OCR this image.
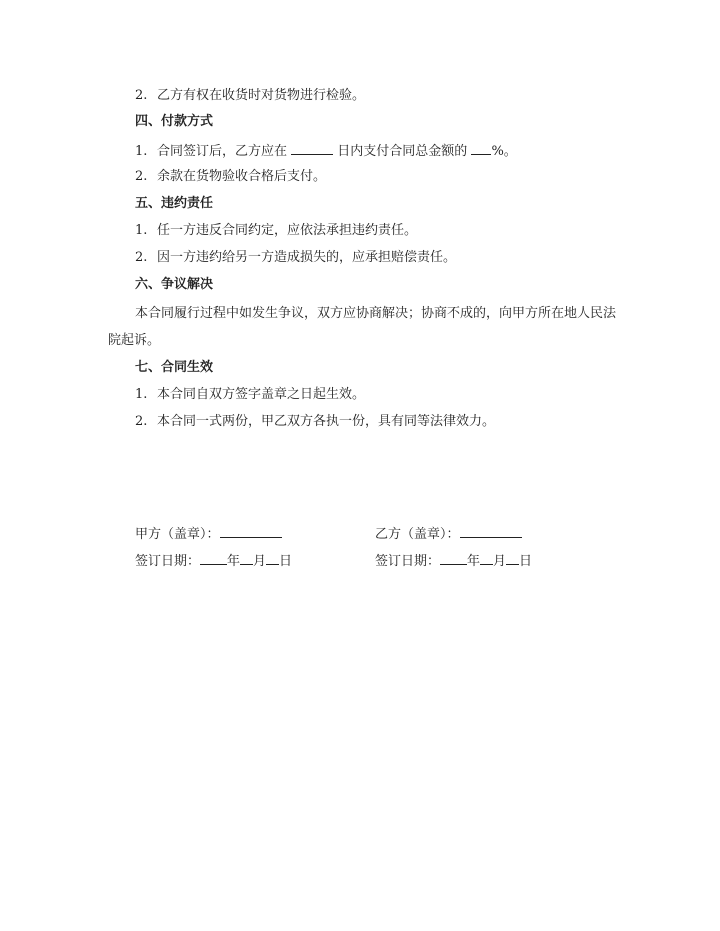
2. 乙方有权在收货时对货物进行检验。
四、付款方式
1. 合同签订后，乙方应在	日内支付合同总金额的 %。
2. 余款在货物验收合格后支付。
五、违约责任
1. 任一方违反合同约定，应依法承担违约责任。
2. 因一方违约给另一方造成损失的，应承担赔偿责任。
六、争议解决
本合同履行过程中如发生争议，双方应协商解决；协商不成的，向甲方所在地人民法院起诉。
七、合同生效
1. 本合同自双方签字盖章之日起生效。
2. 本合同一式两份，甲乙双方各执一份，具有同等法律效力。
甲方（盖章）：	乙方（盖章）：
签订日期： 年 月 日	签订日期： 年 月 日
